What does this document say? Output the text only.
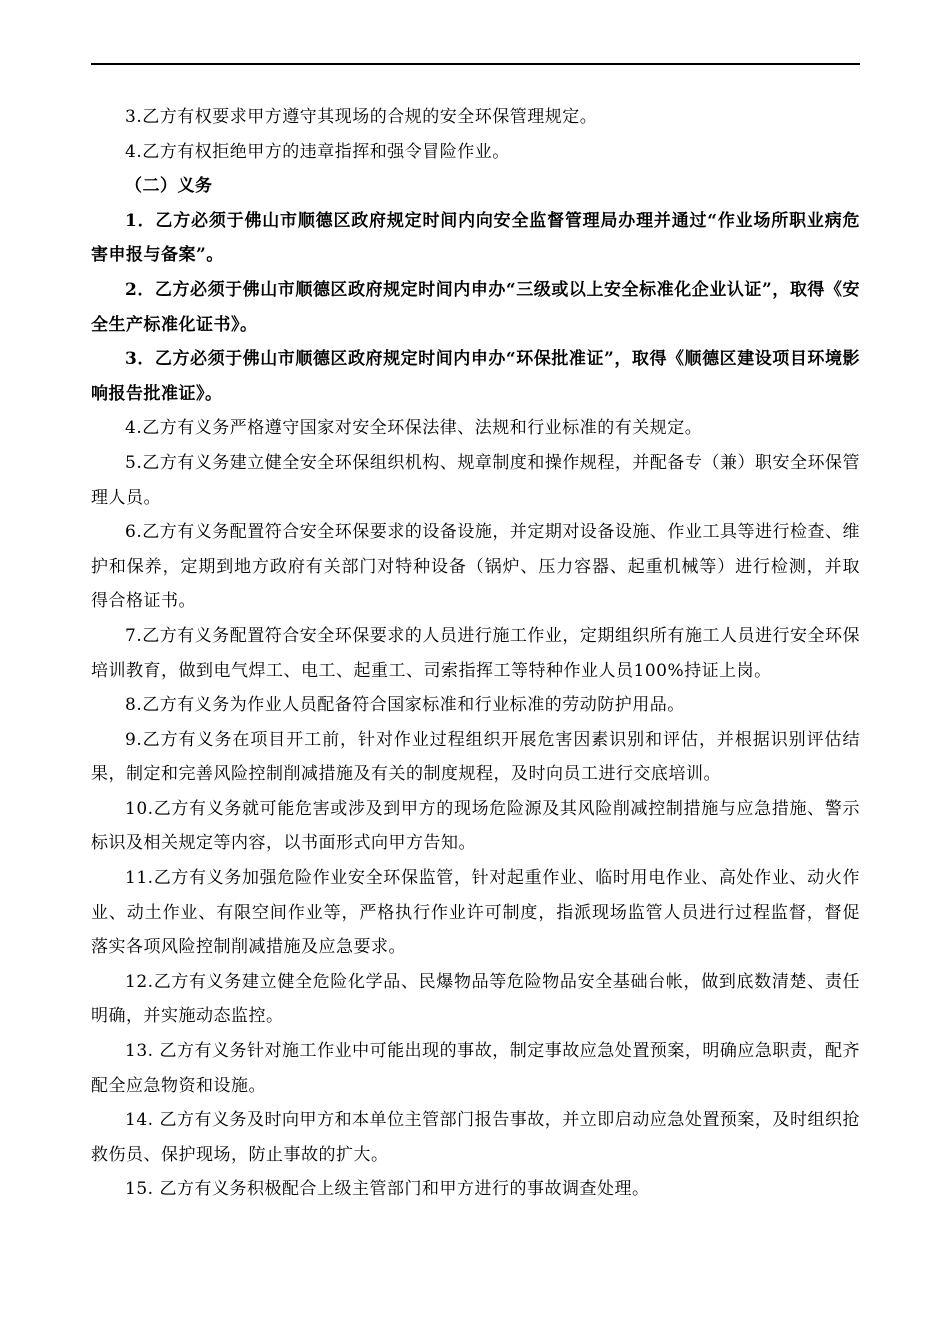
3.乙方有权要求甲方遵守其现场的合规的安全环保管理规定。

4.乙方有权拒绝甲方的违章指挥和强令冒险作业。

（二）义务

1．乙方必须于佛山市顺德区政府规定时间内向安全监督管理局办理并通过“作业场所职业病危害申报与备案”。

2．乙方必须于佛山市顺德区政府规定时间内申办“三级或以上安全标准化企业认证”，取得《安全生产标准化证书》。

3．乙方必须于佛山市顺德区政府规定时间内申办“环保批准证”，取得《顺德区建设项目环境影响报告批准证》。

4.乙方有义务严格遵守国家对安全环保法律、法规和行业标准的有关规定。

5.乙方有义务建立健全安全环保组织机构、规章制度和操作规程，并配备专（兼）职安全环保管理人员。

6.乙方有义务配置符合安全环保要求的设备设施，并定期对设备设施、作业工具等进行检查、维护和保养，定期到地方政府有关部门对特种设备（锅炉、压力容器、起重机械等）进行检测，并取得合格证书。

7.乙方有义务配置符合安全环保要求的人员进行施工作业，定期组织所有施工人员进行安全环保培训教育，做到电气焊工、电工、起重工、司索指挥工等特种作业人员100%持证上岗。

8.乙方有义务为作业人员配备符合国家标准和行业标准的劳动防护用品。

9.乙方有义务在项目开工前，针对作业过程组织开展危害因素识别和评估，并根据识别评估结果，制定和完善风险控制削减措施及有关的制度规程，及时向员工进行交底培训。

10.乙方有义务就可能危害或涉及到甲方的现场危险源及其风险削减控制措施与应急措施、警示标识及相关规定等内容，以书面形式向甲方告知。

11.乙方有义务加强危险作业安全环保监管，针对起重作业、临时用电作业、高处作业、动火作业、动土作业、有限空间作业等，严格执行作业许可制度，指派现场监管人员进行过程监督，督促落实各项风险控制削减措施及应急要求。

12.乙方有义务建立健全危险化学品、民爆物品等危险物品安全基础台帐，做到底数清楚、责任明确，并实施动态监控。

13. 乙方有义务针对施工作业中可能出现的事故，制定事故应急处置预案，明确应急职责，配齐配全应急物资和设施。

14. 乙方有义务及时向甲方和本单位主管部门报告事故，并立即启动应急处置预案，及时组织抢救伤员、保护现场，防止事故的扩大。

15. 乙方有义务积极配合上级主管部门和甲方进行的事故调查处理。
